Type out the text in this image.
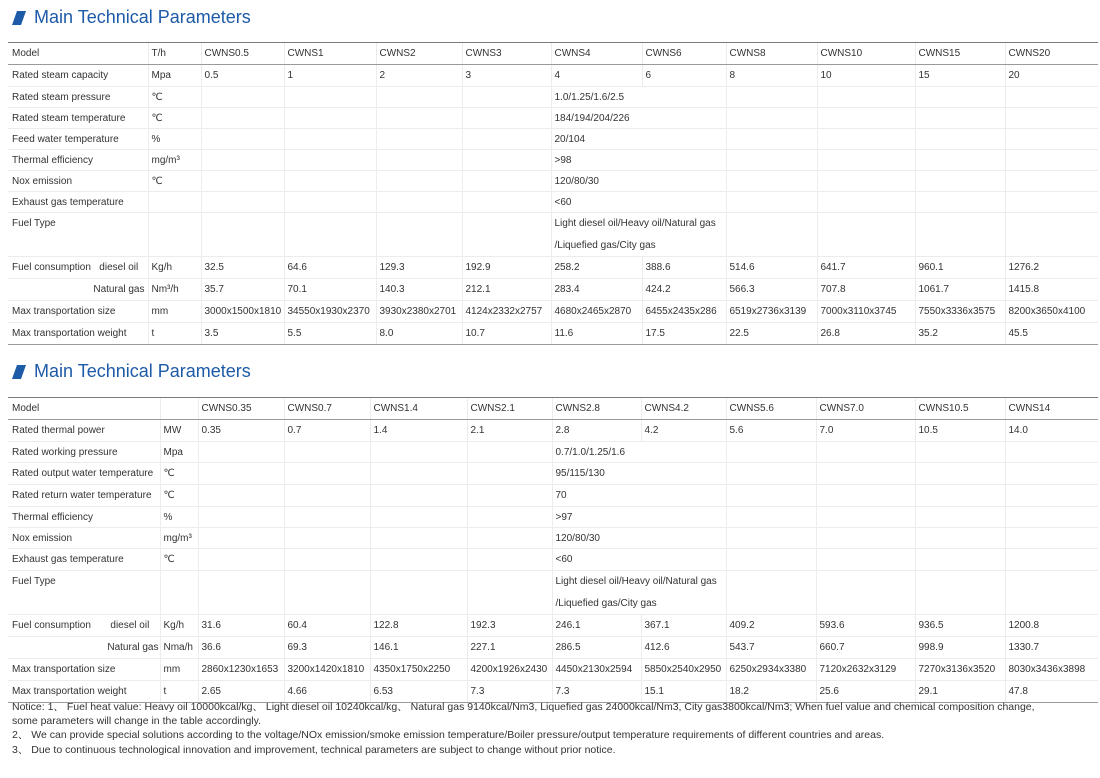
Main Technical Parameters
Model	T/h	CWNS0.5	CWNS1	CWNS2	CWNS3	CWNS4	CWNS6	CWNS8	CWNS10	CWNS15	CWNS20
Rated steam capacity	Mpa	0.5	1	2	3	4	6	8	10	15	20
Rated steam pressure	℃					1.0/1.25/1.6/2.5					
Rated steam temperature	℃					184/194/204/226					
Feed water temperature	%					20/104					
Thermal efficiency	mg/m³					>98					
Nox emission	℃					120/80/30					
Exhaust gas temperature						<60					
Fuel Type						Light diesel oil/Heavy oil/Natural gas					
						/Liquefied gas/City gas					
Fuel consumption diesel oil	Kg/h	32.5	64.6	129.3	192.9	258.2	388.6	514.6	641.7	960.1	1276.2
Natural gas	Nm³/h	35.7	70.1	140.3	212.1	283.4	424.2	566.3	707.8	1061.7	1415.8
Max transportation size	mm	3000x1500x1810	34550x1930x2370	3930x2380x2701	4124x2332x2757	4680x2465x2870	6455x2435x286	6519x2736x3139	7000x3110x3745	7550x3336x3575	8200x3650x4100
Max transportation weight	t	3.5	5.5	8.0	10.7	11.6	17.5	22.5	26.8	35.2	45.5
Main Technical Parameters
Model		CWNS0.35	CWNS0.7	CWNS1.4	CWNS2.1	CWNS2.8	CWNS4.2	CWNS5.6	CWNS7.0	CWNS10.5	CWNS14
Rated thermal power	MW	0.35	0.7	1.4	2.1	2.8	4.2	5.6	7.0	10.5	14.0
Rated working pressure	Mpa					0.7/1.0/1.25/1.6					
Rated output water temperature	℃					95/115/130					
Rated return water temperature	℃					70					
Thermal efficiency	%					>97					
Nox emission	mg/m³					120/80/30					
Exhaust gas temperature	℃					<60					
Fuel Type						Light diesel oil/Heavy oil/Natural gas					
						/Liquefied gas/City gas					
Fuel consumption diesel oil	Kg/h	31.6	60.4	122.8	192.3	246.1	367.1	409.2	593.6	936.5	1200.8
Natural gas	Nma/h	36.6	69.3	146.1	227.1	286.5	412.6	543.7	660.7	998.9	1330.7
Max transportation size	mm	2860x1230x1653	3200x1420x1810	4350x1750x2250	4200x1926x2430	4450x2130x2594	5850x2540x2950	6250x2934x3380	7120x2632x3129	7270x3136x3520	8030x3436x3898
Max transportation weight	t	2.65	4.66	6.53	7.3	7.3	15.1	18.2	25.6	29.1	47.8
Notice: 1、 Fuel heat value: Heavy oil 10000kcal/kg、 Light diesel oil 10240kcal/kg、 Natural gas 9140kcal/Nm3, Liquefied gas 24000kcal/Nm3, City gas3800kcal/Nm3; When fuel value and chemical composition change,
some parameters will change in the table accordingly.
2、 We can provide special solutions according to the voltage/NOx emission/smoke emission temperature/Boiler pressure/output temperature requirements of different countries and areas.
3、 Due to continuous technological innovation and improvement, technical parameters are subject to change without prior notice.
